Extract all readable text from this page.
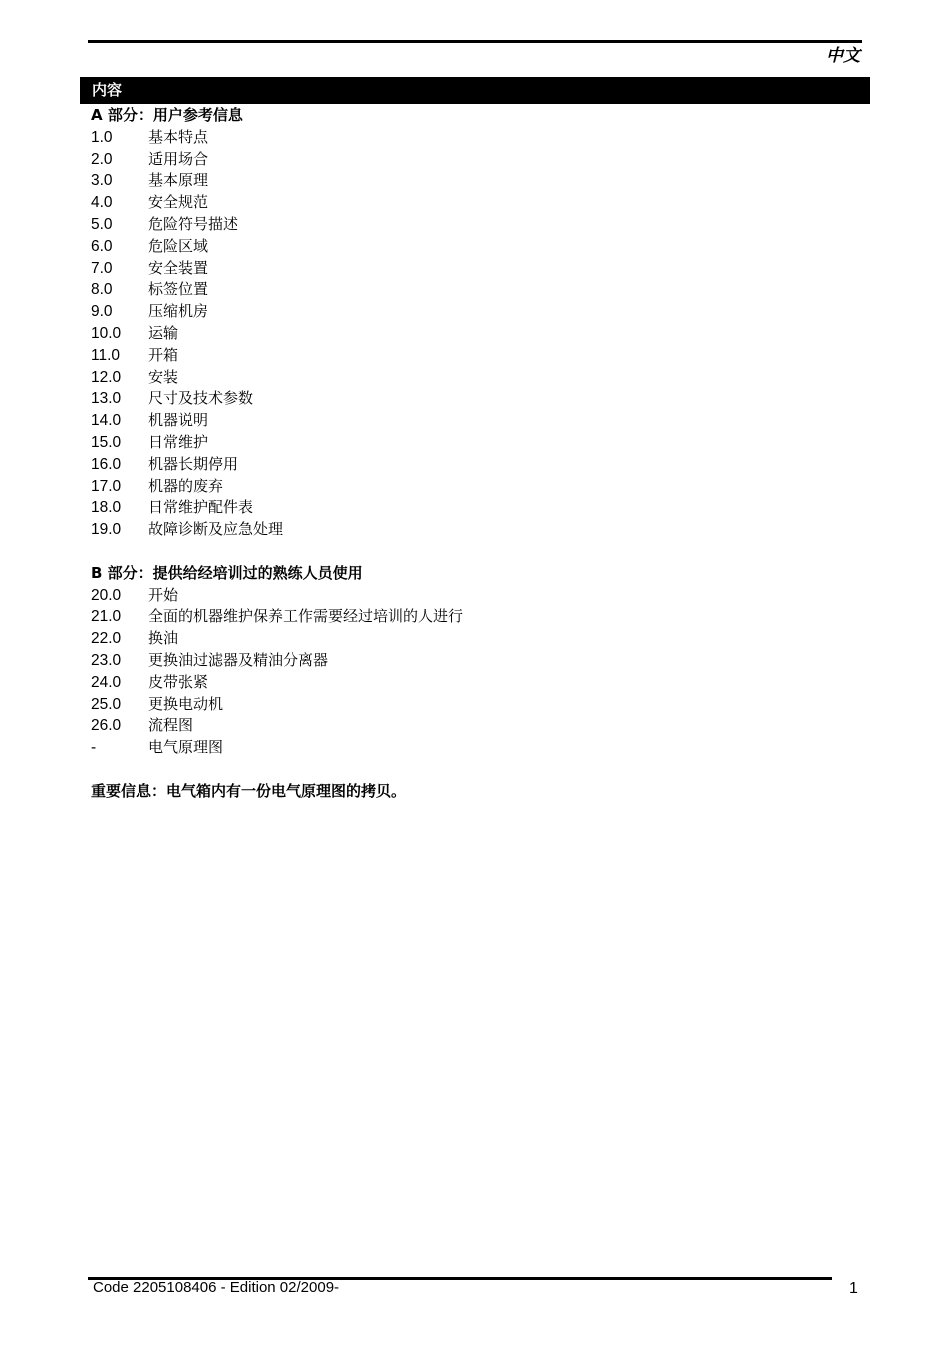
中文
内容
A 部分：用户参考信息
1.0 基本特点
2.0 适用场合
3.0 基本原理
4.0 安全规范
5.0 危险符号描述
6.0 危险区域
7.0 安全装置
8.0 标签位置
9.0 压缩机房
10.0 运输
11.0 开箱
12.0 安装
13.0 尺寸及技术参数
14.0 机器说明
15.0 日常维护
16.0 机器长期停用
17.0 机器的废弃
18.0 日常维护配件表
19.0 故障诊断及应急处理
B 部分：提供给经培训过的熟练人员使用
20.0 开始
21.0 全面的机器维护保养工作需要经过培训的人进行
22.0 换油
23.0 更换油过滤器及精油分离器
24.0 皮带张紧
25.0 更换电动机
26.0 流程图
-	电气原理图
重要信息：电气箱内有一份电气原理图的拷贝。
Code 2205108406 - Edition 02/2009-	1
